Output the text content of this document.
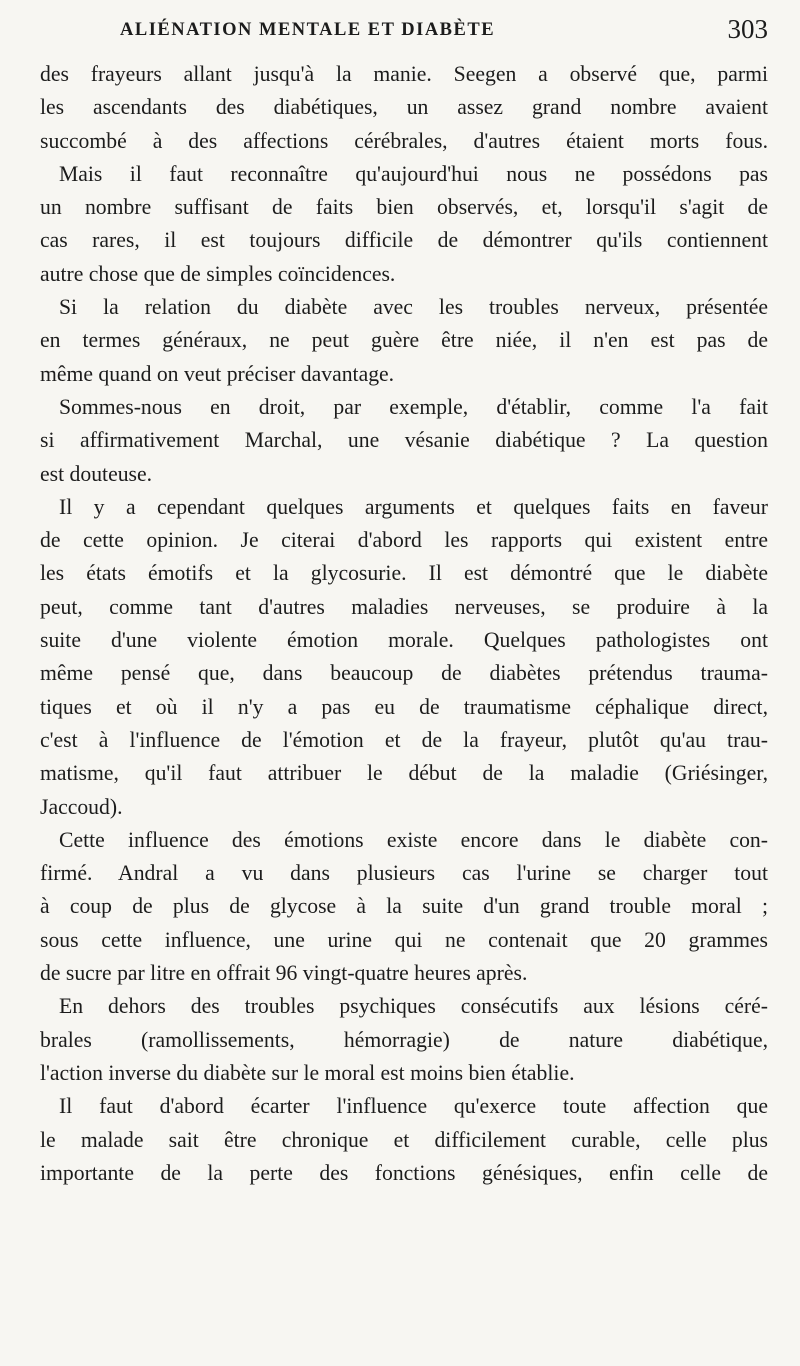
ALIÉNATION MENTALE ET DIABÈTE	303
des frayeurs allant jusqu'à la manie. Seegen a observé que, parmi
les ascendants des diabétiques, un assez grand nombre avaient
succombé à des affections cérébrales, d'autres étaient morts fous.
Mais il faut reconnaître qu'aujourd'hui nous ne possédons pas
un nombre suffisant de faits bien observés, et, lorsqu'il s'agit de
cas rares, il est toujours difficile de démontrer qu'ils contiennent
autre chose que de simples coïncidences.
Si la relation du diabète avec les troubles nerveux, présentée
en termes généraux, ne peut guère être niée, il n'en est pas de
même quand on veut préciser davantage.
Sommes-nous en droit, par exemple, d'établir, comme l'a fait
si affirmativement Marchal, une vésanie diabétique ? La question
est douteuse.
Il y a cependant quelques arguments et quelques faits en faveur
de cette opinion. Je citerai d'abord les rapports qui existent entre
les états émotifs et la glycosurie. Il est démontré que le diabète
peut, comme tant d'autres maladies nerveuses, se produire à la
suite d'une violente émotion morale. Quelques pathologistes ont
même pensé que, dans beaucoup de diabètes prétendus trauma-
tiques et où il n'y a pas eu de traumatisme céphalique direct,
c'est à l'influence de l'émotion et de la frayeur, plutôt qu'au trau-
matisme, qu'il faut attribuer le début de la maladie (Griésinger,
Jaccoud).
Cette influence des émotions existe encore dans le diabète con-
firmé. Andral a vu dans plusieurs cas l'urine se charger tout
à coup de plus de glycose à la suite d'un grand trouble moral ;
sous cette influence, une urine qui ne contenait que 20 grammes
de sucre par litre en offrait 96 vingt-quatre heures après.
En dehors des troubles psychiques consécutifs aux lésions céré-
brales (ramollissements, hémorragie) de nature diabétique,
l'action inverse du diabète sur le moral est moins bien établie.
Il faut d'abord écarter l'influence qu'exerce toute affection que
le malade sait être chronique et difficilement curable, celle plus
importante de la perte des fonctions génésiques, enfin celle de
